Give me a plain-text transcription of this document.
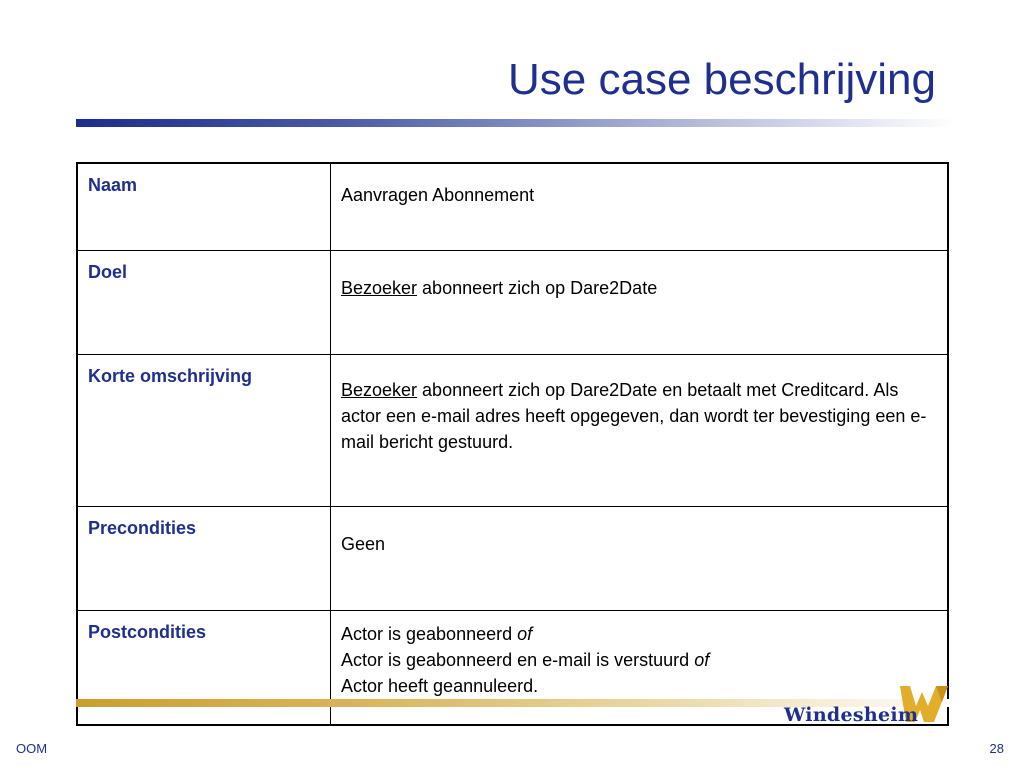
Use case beschrijving
Naam	Aanvragen Abonnement
Doel	Bezoeker abonneert zich op Dare2Date
Korte omschrijving	Bezoeker abonneert zich op Dare2Date en betaalt met Creditcard. Als actor een e-mail adres heeft opgegeven, dan wordt ter bevestiging een e-mail bericht gestuurd.
Precondities	Geen
Postcondities	Actor is geabonneerd of
Actor is geabonneerd en e-mail is verstuurd of
Actor heeft geannuleerd.
Windesheim
OOM	28
